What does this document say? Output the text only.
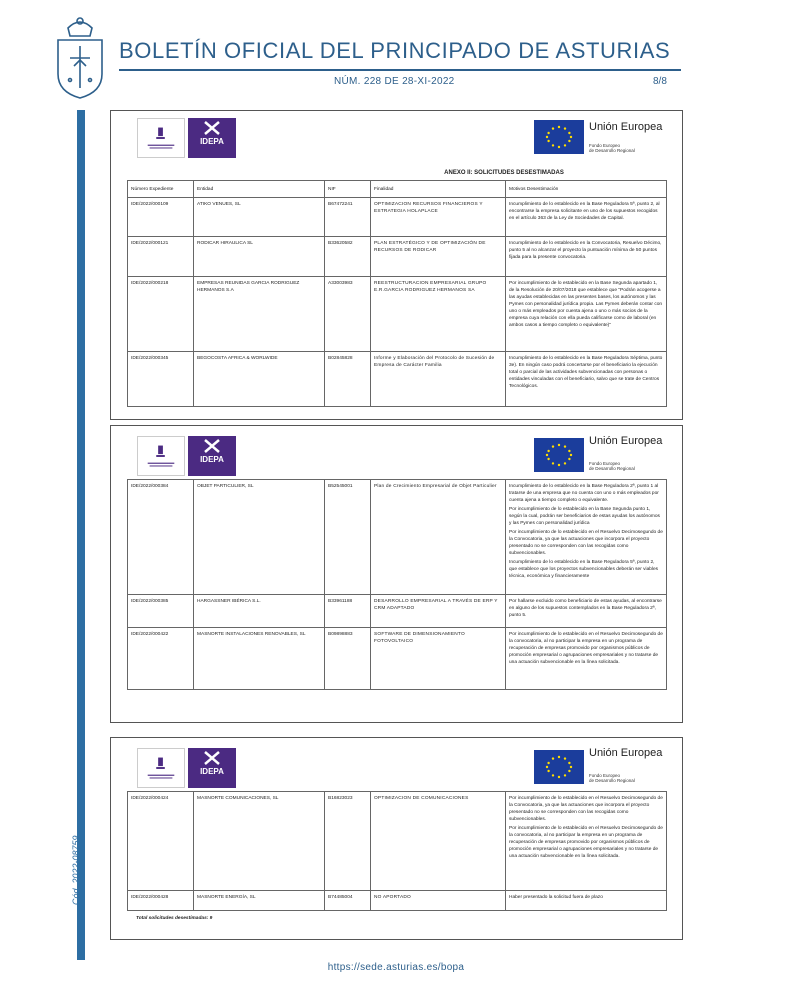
BOLETÍN OFICIAL DEL PRINCIPADO DE ASTURIAS
NÚM. 228 DE 28-XI-2022	8/8
Cód. 2022-08759
IDEPA
Unión Europea
Fondo Europeo
de Desarrollo Regional
ANEXO II: SOLICITUDES DESESTIMADAS
Número Expediente	Entidad	NIF	Finalidad	Motivos Desestimación
IDE/2022/000109	ATIKO VENUES, SL	B67472241	OPTIMIZACION RECURSOS FINANCIEROS Y ESTRATEGIA HOLAPLACE	Incumplimiento de lo establecido en la Base Reguladora 5ª, punto 2, al encontrarse la empresa solicitante en uno de los supuestos recogidos en el artículo 363 de la Ley de Sociedades de Capital.
IDE/2022/000121	RODICAR HIRAULICA SL	B33620582	PLAN ESTRATÉGICO Y DE OPTIMIZACIÓN DE RECURSOS DE RODICAR	Incumplimiento de lo establecido en la Convocatoria, Resuelvo Décimo, punto 5 al no alcanzar el proyecto la puntuación mínima de 50 puntos fijada para la presente convocatoria.
IDE/2022/000218	EMPRESAS REUNIDAS GARCIA RODRIGUEZ HERMANOS S.A	A33003983	REESTRUCTURACION EMPRESARIAL GRUPO E.R.GARCIA RODRIGUEZ HERMANOS SA	Por incumplimiento de lo establecido en la Base Segunda apartado 1, de la Resolución de 20/07/2018 que establece que "Podrán acogerse a las ayudas establecidas en las presentes bases, los autónomos y las Pymes con personalidad jurídica propia. Las Pymes deberán contar con uno o más empleados por cuenta ajena o uno o más socios de la empresa cuya relación con ella pueda calificarse como de laboral (en ambos casos a tiempo completo o equivalente)"
IDE/2022/000345	BEGOCOSTA AFRICA & WORLWIDE	B02845828	Informe y Elaboración del Protocolo de Sucesión de Empresa de Carácter Familia	Incumplimiento de lo establecido en la Base Reguladora Séptima, punto 3e). En ningún caso podrá concertarse por el beneficiario la ejecución total o parcial de las actividades subvencionadas con personas o entidades vinculadas con el beneficiario, salvo que se trate de Centros Tecnológicos.
IDEPA
Unión Europea
Fondo Europeo
de Desarrollo Regional
IDE/2022/000384	OBJET PARTICULIER, SL	B52545001	Plan de Crecimiento Empresarial de Objet Particulier	Incumplimiento de lo establecido en la Base Reguladora 2ª, punto 1 al tratarse de una empresa que no cuenta con uno o más empleados por cuenta ajena a tiempo completo o equivalente.
Por incumplimiento de lo establecido en la Base Segunda punto 1, según la cual, podrán ser beneficiarios de estas ayudas los autónomos y las Pymes con personalidad jurídica
Por incumplimiento de lo establecido en el Resuelvo Decimosegundo de la Convocatoria, ya que las actuaciones que incorpora el proyecto presentado no se corresponden con las recogidas como subvencionables.
Incumplimiento de lo establecido en la Base Reguladora 5ª, punto 2, que establece que los proyectos subvencionables deberán ser viables técnica, económica y financieramente

IDE/2022/000385	HARGASSNER IBÉRICA S.L.	B33961188	DESARROLLO EMPRESARIAL A TRAVÉS DE ERP Y CRM ADAPTADO	Por hallarse excluido como beneficiario de estas ayudas, al encontrarse en alguno de los supuestos contemplados en la Base Reguladora 2ª, punto 5.
IDE/2022/000422	MASNORTE INSTALACIONES RENOVABLES, SL	B09898883	SOFTWARE DE DIMENSIONAMIENTO FOTOVOLTAICO	Por incumplimiento de lo establecido en el Resuelvo Decimosegundo de la convocatoria, al no participar la empresa en un programa de recuperación de empresas promovido por organismos públicos de promoción empresarial o agrupaciones empresariales y no tratarse de una actuación subvencionable en la línea solicitada.
IDEPA
Unión Europea
Fondo Europeo
de Desarrollo Regional
IDE/2022/000424	MASNORTE COMUNICACIONES, SL	B16823023	OPTIMIZACION DE COMUNICACIONES	Por incumplimiento de lo establecido en el Resuelvo Decimosegundo de la Convocatoria, ya que las actuaciones que incorpora el proyecto presentado no se corresponden con las recogidas como subvencionables.
Por incumplimiento de lo establecido en el Resuelvo Decimosegundo de la convocatoria, al no participar la empresa en un programa de recuperación de empresas promovido por organismos públicos de promoción empresarial o agrupaciones empresariales y no tratarse de una actuación subvencionable en la línea solicitada.

IDE/2022/000428	MASNORTE ENERGÍA, SL	B74485004	NO APORTADO	Haber presentado la solicitud fuera de plazo
Total solicitudes desestimadas: 9
https://sede.asturias.es/bopa
